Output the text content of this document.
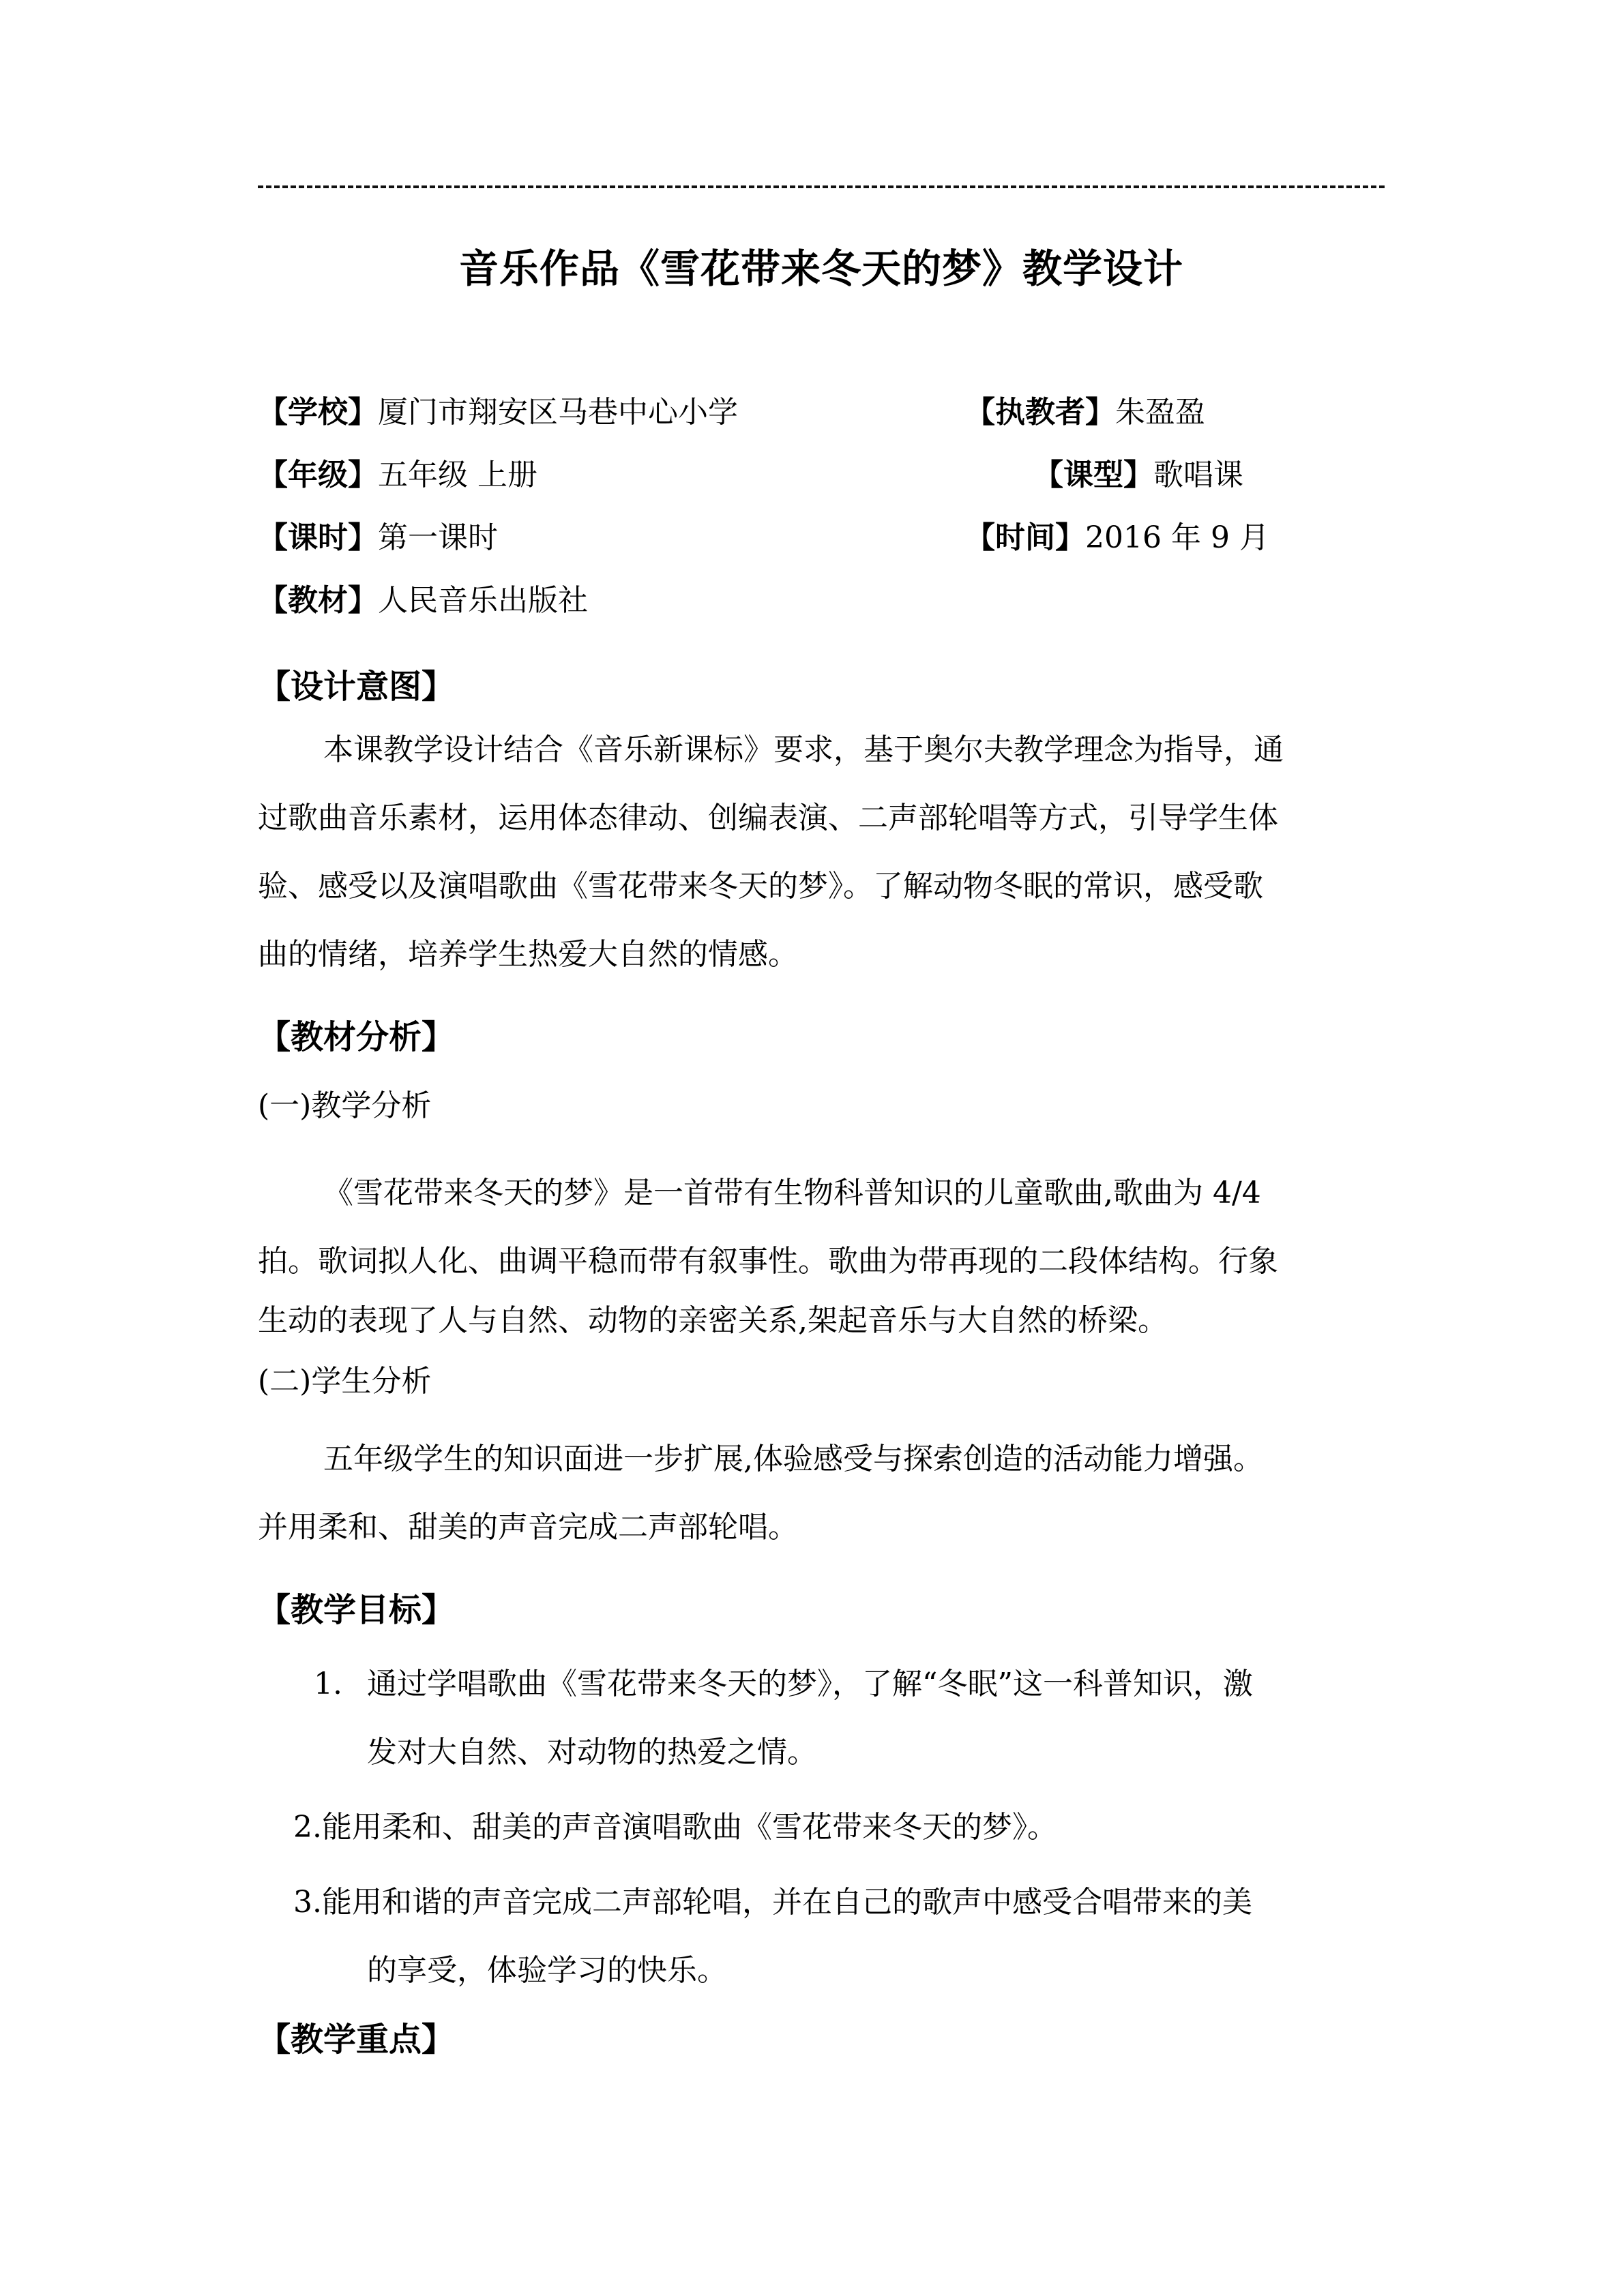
音乐作品《雪花带来冬天的梦》教学设计
【学校】厦门市翔安区马巷中心小学	【执教者】朱盈盈
【年级】五年级 上册	【课型】歌唱课
【课时】第一课时	【时间】2016 年 9 月
【教材】人民音乐出版社
【设计意图】
本课教学设计结合《音乐新课标》要求，基于奥尔夫教学理念为指导，通
过歌曲音乐素材，运用体态律动、创编表演、二声部轮唱等方式，引导学生体
验、感受以及演唱歌曲《雪花带来冬天的梦》。了解动物冬眠的常识，感受歌
曲的情绪，培养学生热爱大自然的情感。
【教材分析】
(一)教学分析
《雪花带来冬天的梦》是一首带有生物科普知识的儿童歌曲,歌曲为 4/4
拍。歌词拟人化、曲调平稳而带有叙事性。歌曲为带再现的二段体结构。行象
生动的表现了人与自然、动物的亲密关系,架起音乐与大自然的桥梁。
(二)学生分析
五年级学生的知识面进一步扩展,体验感受与探索创造的活动能力增强。
并用柔和、甜美的声音完成二声部轮唱。
【教学目标】
1. 通过学唱歌曲《雪花带来冬天的梦》，了解“冬眠”这一科普知识，激
发对大自然、对动物的热爱之情。
2.能用柔和、甜美的声音演唱歌曲《雪花带来冬天的梦》。
3.能用和谐的声音完成二声部轮唱，并在自己的歌声中感受合唱带来的美
的享受，体验学习的快乐。
【教学重点】
